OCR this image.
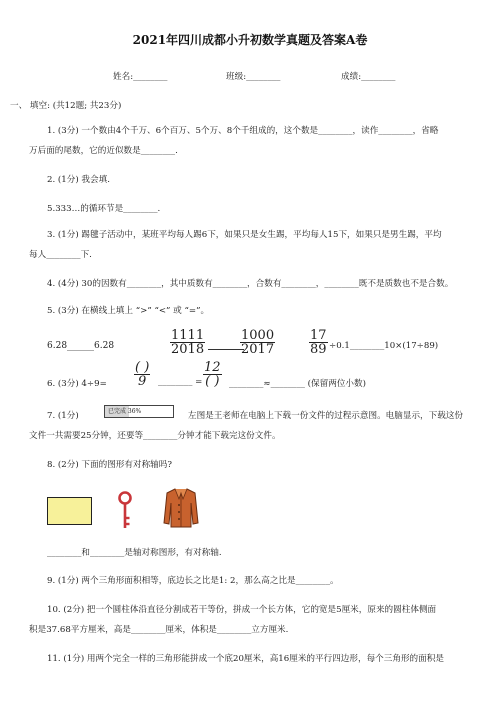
2021年四川成都小升初数学真题及答案A卷
姓名:________	班级:________	成绩:________
一、 填空: (共12题; 共23分)
1. (3分) 一个数由4个千万、6个百万、5个万、8个千组成的，这个数是________，读作________，省略
万后面的尾数，它的近似数是________.
2. (1分) 我会填.
5.333…的循环节是________.
3. (1分) 踢毽子活动中，某班平均每人踢6下，如果只是女生踢，平均每人15下，如果只是男生踢，平均
每人________下.
4. (4分) 30的因数有________，其中质数有________，合数有________，________既不是质数也不是合数。
5. (3分) 在横线上填上 “>” “<” 或 “=”。
6.28______6.28	$\frac{1111}{2018}$
	$\frac{1000}{2017}$	$\frac{17}{89}$ ÷0.1________10×(17÷89)
6. (3分) $4\div 9= \frac{( )}{9}$ ________ = $\frac{12}{( )}$ ________≈________ (保留两位小数)
7. (1分)	已完成 36%	左图是王老师在电脑上下载一份文件的过程示意图。电脑显示，下载这份
文件一共需要25分钟，还要等________分钟才能下载完这份文件。
8. (2分) 下面的图形有对称轴吗?
________和________是轴对称图形，有对称轴.
9. (1分) 两个三角形面积相等，底边长之比是1: 2，那么高之比是________。
10. (2分) 把一个圆柱体沿直径分割成若干等份，拼成一个长方体，它的宽是5厘米，原来的圆柱体侧面
积是37.68平方厘米，高是________厘米，体积是________立方厘米.
11. (1分) 用两个完全一样的三角形能拼成一个底20厘米，高16厘米的平行四边形，每个三角形的面积是
